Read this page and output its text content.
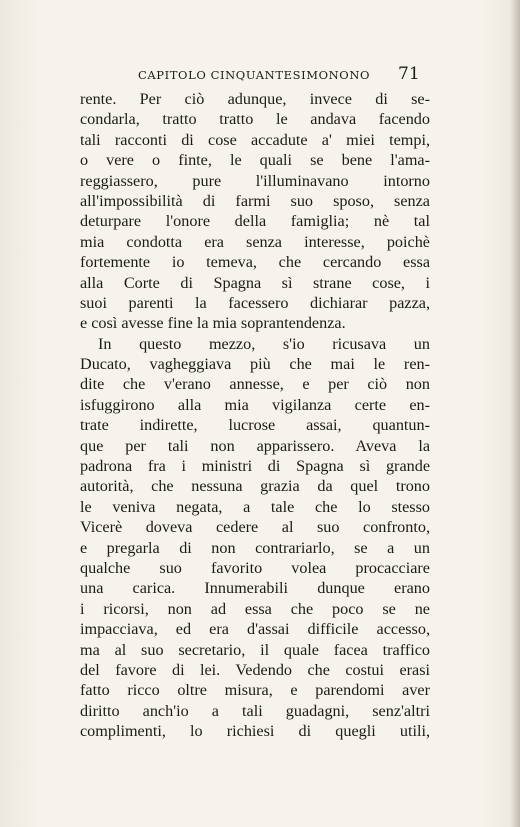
CAPITOLO CINQUANTESIMONONO	71
rente. Per ciò adunque, invece di se-
condarla, tratto tratto le andava facendo
tali racconti di cose accadute a' miei tempi,
o vere o finte, le quali se bene l'ama-
reggiassero, pure l'illuminavano intorno
all'impossibilità di farmi suo sposo, senza
deturpare l'onore della famiglia; nè tal
mia condotta era senza interesse, poichè
fortemente io temeva, che cercando essa
alla Corte di Spagna sì strane cose, i
suoi parenti la facessero dichiarar pazza,
e così avesse fine la mia soprantendenza.
In questo mezzo, s'io ricusava un
Ducato, vagheggiava più che mai le ren-
dite che v'erano annesse, e per ciò non
isfuggirono alla mia vigilanza certe en-
trate indirette, lucrose assai, quantun-
que per tali non apparissero. Aveva la
padrona fra i ministri di Spagna sì grande
autorità, che nessuna grazia da quel trono
le veniva negata, a tale che lo stesso
Vicerè doveva cedere al suo confronto,
e pregarla di non contrariarlo, se a un
qualche suo favorito volea procacciare
una carica. Innumerabili dunque erano
i ricorsi, non ad essa che poco se ne
impacciava, ed era d'assai difficile accesso,
ma al suo secretario, il quale facea traffico
del favore di lei. Vedendo che costui erasi
fatto ricco oltre misura, e parendomi aver
diritto anch'io a tali guadagni, senz'altri
complimenti, lo richiesi di quegli utili,
